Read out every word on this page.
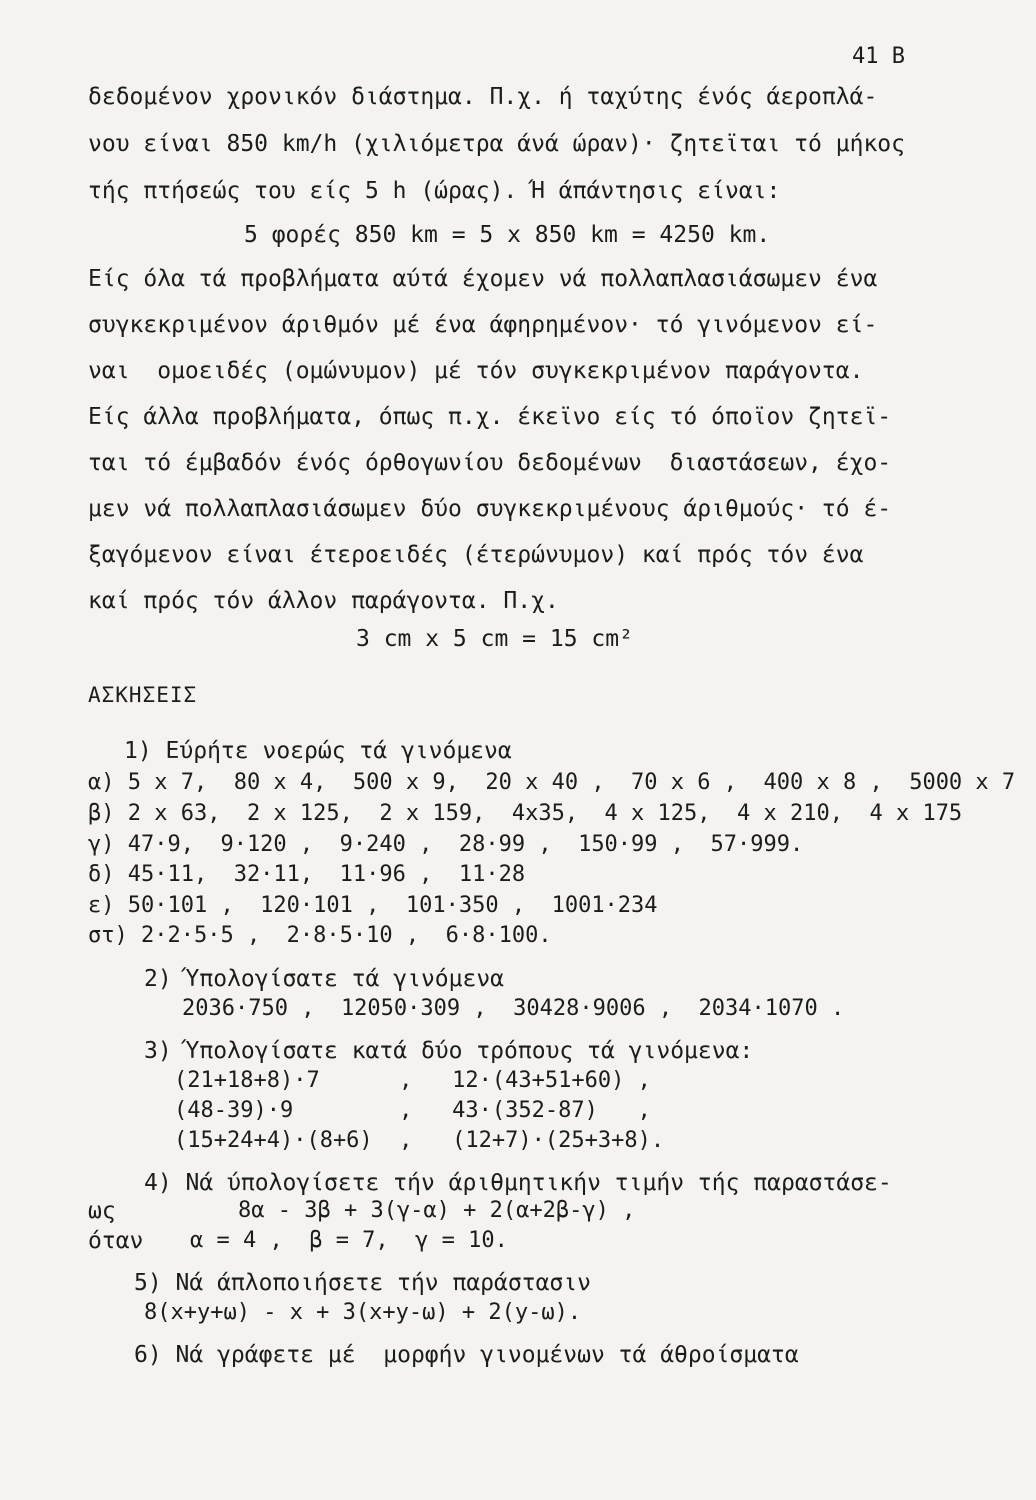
41 B
δεδομένον χρονικόν διάστημα. Π.χ. ή ταχύτης ένός άεροπλά-
νου είναι 850 km/h (χιλιόμετρα άνά ώραν)· ζητεϊται τό μήκος
τής πτήσεώς του είς 5 h (ώρας). Ή άπάντησις είναι:
5 φορές 850 km = 5 x 850 km = 4250 km.
Είς όλα τά προβλήματα αύτά έχομεν νά πολλαπλασιάσωμεν ένα
συγκεκριμένον άριθμόν μέ ένα άφηρημένον· τό γινόμενον εί-
ναι  ομοειδές (ομώνυμον) μέ τόν συγκεκριμένον παράγοντα.
Είς άλλα προβλήματα, όπως π.χ. έκεϊνο είς τό όποϊον ζητεϊ-
ται τό έμβαδόν ένός όρθογωνίου δεδομένων  διαστάσεων, έχο-
μεν νά πολλαπλασιάσωμεν δύο συγκεκριμένους άριθμούς· τό έ-
ξαγόμενον είναι έτεροειδές (έτερώνυμον) καί πρός τόν ένα
καί πρός τόν άλλον παράγοντα. Π.χ.
3 cm x 5 cm = 15 cm²
ΑΣΚΗΣΕΙΣ
1) Εύρήτε νοερώς τά γινόμενα
α) 5 x 7,  80 x 4,  500 x 9,  20 x 40 ,  70 x 6 ,  400 x 8 ,  5000 x 7
β) 2 x 63,  2 x 125,  2 x 159,  4x35,  4 x 125,  4 x 210,  4 x 175
γ) 47·9,  9·120 ,  9·240 ,  28·99 ,  150·99 ,  57·999.
δ) 45·11,  32·11,  11·96 ,  11·28
ε) 50·101 ,  120·101 ,  101·350 ,  1001·234
στ) 2·2·5·5 ,  2·8·5·10 ,  6·8·100.
2) Ύπολογίσατε τά γινόμενα
2036·750 ,  12050·309 ,  30428·9006 ,  2034·1070 .
3) Ύπολογίσατε κατά δύο τρόπους τά γινόμενα:
(21+18+8)·7      ,   12·(43+51+60) ,
(48-39)·9        ,   43·(352-87)   ,
(15+24+4)·(8+6)  ,   (12+7)·(25+3+8).
4) Νά ύπολογίσετε τήν άριθμητικήν τιμήν τής παραστάσε-
ως	8α - 3β + 3(γ-α) + 2(α+2β-γ) ,
όταν α = 4 ,  β = 7,  γ = 10.
5) Νά άπλοποιήσετε τήν παράστασιν
8(x+y+ω) - x + 3(x+y-ω) + 2(y-ω).
6) Νά γράφετε μέ  μορφήν γινομένων τά άθροίσματα
